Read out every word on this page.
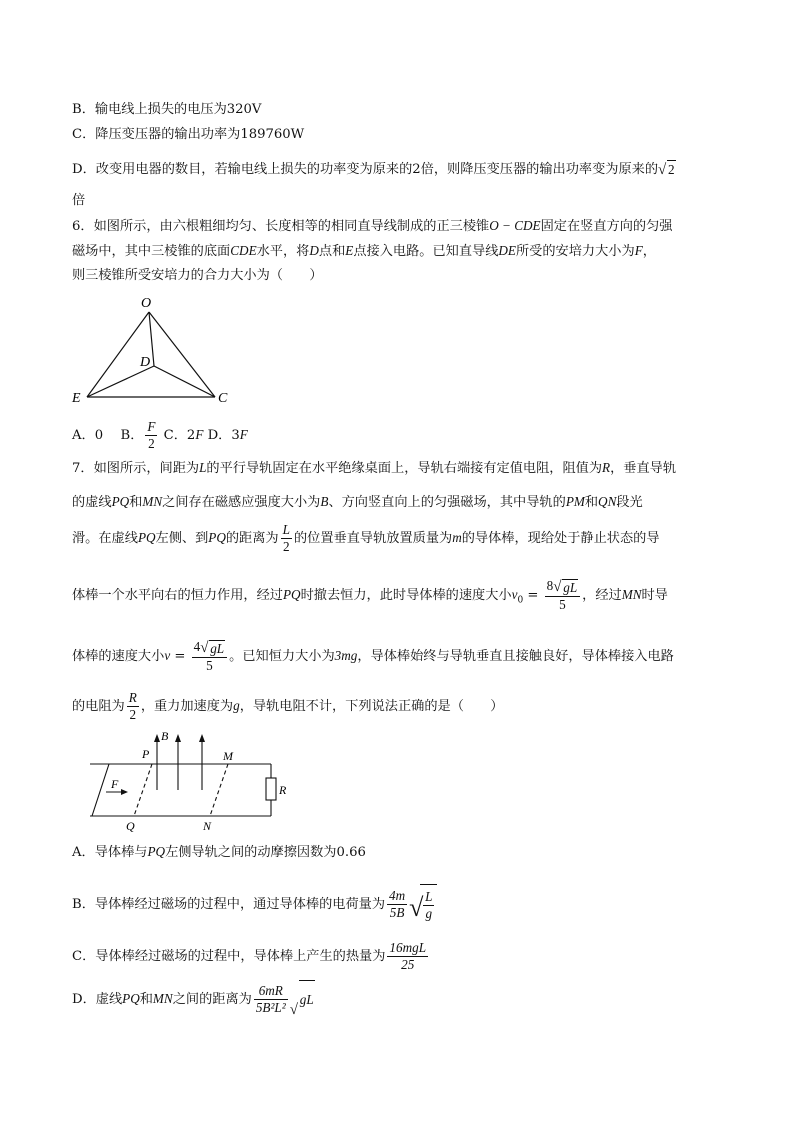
B．输电线上损失的电压为320V
C．降压变压器的输出功率为189760W
D．改变用电器的数目，若输电线上损失的功率变为原来的2倍，则降压变压器的输出功率变为原来的 √ 2
倍
6．如图所示，由六根粗细均匀、长度相等的相同直导线制成的正三棱锥O − CDE固定在竖直方向的匀强
磁场中，其中三棱锥的底面CDE水平，将D点和E点接入电路。已知直导线DE所受的安培力大小为F，
则三棱锥所受安培力的合力大小为（　　）
O
D
E	C
A．0　 B． $\frac{F}{2}$ C．2F D．3F
7．如图所示，间距为L的平行导轨固定在水平绝缘桌面上，导轨右端接有定值电阻，阻值为R，垂直导轨
的虚线PQ和MN之间存在磁感应强度大小为B、方向竖直向上的匀强磁场，其中导轨的PM和QN段光
滑。在虚线PQ左侧、到PQ的距离为 $\frac{L}{2}$ 的位置垂直导轨放置质量为m的导体棒，现给处于静止状态的导
体棒一个水平向右的恒力作用，经过PQ时撤去恒力，此时导体棒的速度大小$v_0 = \frac{8 √ gL}{5}$ ，经过MN时导
体棒的速度大小$v = \frac{4 √ gL}{5}$ 。已知恒力大小为3mg，导体棒始终与导轨垂直且接触良好，导体棒接入电路
的电阻为 $\frac{R}{2}$ ，重力加速度为g，导轨电阻不计，下列说法正确的是（　　）
B
P	M
F	R
Q	N
A．导体棒与PQ左侧导轨之间的动摩擦因数为0.66
B．导体棒经过磁场的过程中，通过导体棒的电荷量为 $\frac{4m}{5B}$ √ $\frac{L}{g}$
C．导体棒经过磁场的过程中，导体棒上产生的热量为 $\frac{\text{16mgL}}{25}$
D．虚线PQ和MN之间的距离为 $\frac{6mR}{\text{5B²L²}}$ √
gL
